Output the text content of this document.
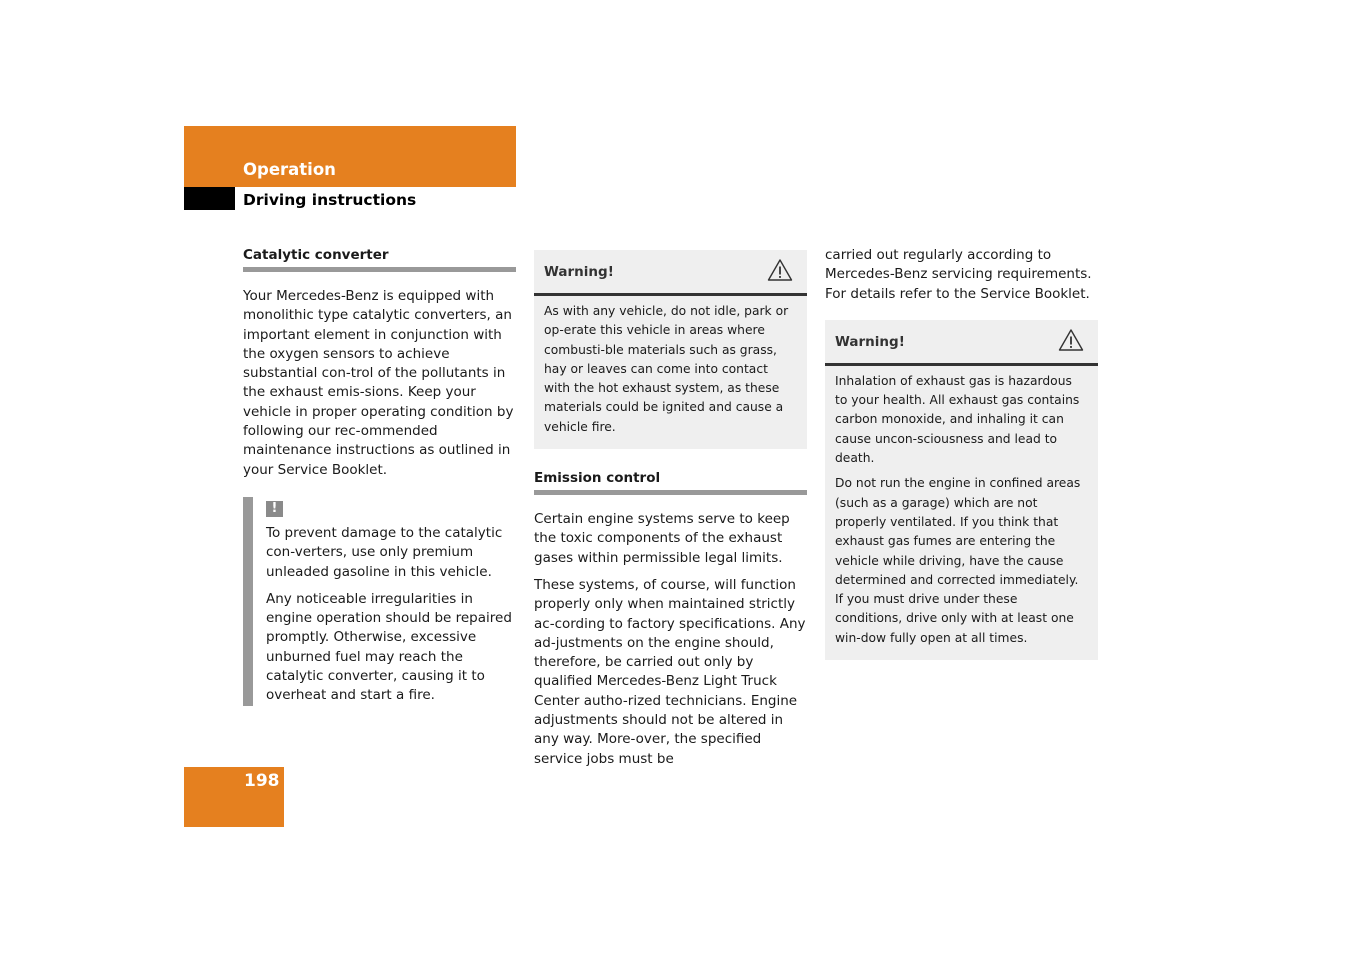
Operation
Driving instructions
Catalytic converter

Your Mercedes-Benz is equipped with monolithic type catalytic converters, an important element in conjunction with the oxygen sensors to achieve substantial con-trol of the pollutants in the exhaust emis-sions. Keep your vehicle in proper operating condition by following our rec-ommended maintenance instructions as outlined in your Service Booklet.

!

To prevent damage to the catalytic con-verters, use only premium unleaded gasoline in this vehicle.

Any noticeable irregularities in engine operation should be repaired promptly. Otherwise, excessive unburned fuel may reach the catalytic converter, causing it to overheat and start a fire.

Warning!

As with any vehicle, do not idle, park or op-erate this vehicle in areas where combusti-ble materials such as grass, hay or leaves can come into contact with the hot exhaust system, as these materials could be ignited and cause a vehicle fire.

Emission control

Certain engine systems serve to keep the toxic components of the exhaust gases within permissible legal limits.

These systems, of course, will function properly only when maintained strictly ac-cording to factory specifications. Any ad-justments on the engine should, therefore, be carried out only by qualified Mercedes-Benz Light Truck Center autho-rized technicians. Engine adjustments should not be altered in any way. More-over, the specified service jobs must be

carried out regularly according to Mercedes-Benz servicing requirements. For details refer to the Service Booklet.

Warning!

Inhalation of exhaust gas is hazardous to your health. All exhaust gas contains carbon monoxide, and inhaling it can cause uncon-sciousness and lead to death.

Do not run the engine in confined areas (such as a garage) which are not properly ventilated. If you think that exhaust gas fumes are entering the vehicle while driving, have the cause determined and corrected immediately. If you must drive under these conditions, drive only with at least one win-dow fully open at all times.

198
